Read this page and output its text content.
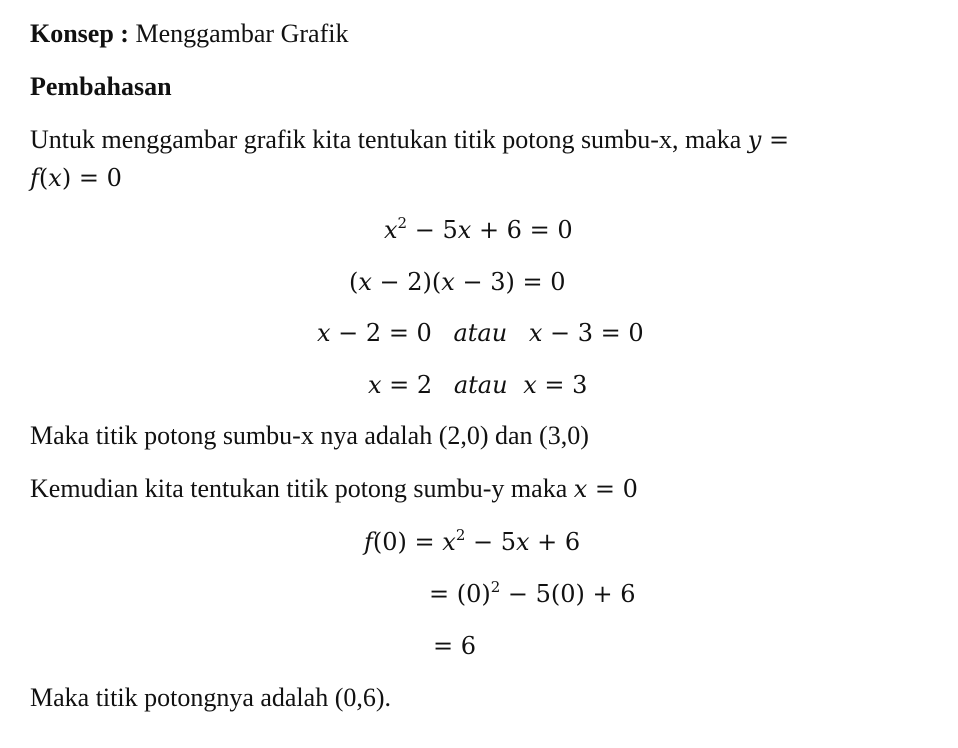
Konsep : Menggambar Grafik
Pembahasan
Untuk menggambar grafik kita tentukan titik potong sumbu-x, maka y =
f(x) = 0
$x^2 - 5x + 6 = 0$
(x − 2)(x − 3) = 0
x − 2 = 0 atau x − 3 = 0
x = 2 atau x = 3
Maka titik potong sumbu-x nya adalah (2,0) dan (3,0)
Kemudian kita tentukan titik potong sumbu-y maka x = 0
$f(0) = x^2 - 5x + 6$
= $(0)^2 - 5(0) + 6$
= 6
Maka titik potongnya adalah (0,6).
